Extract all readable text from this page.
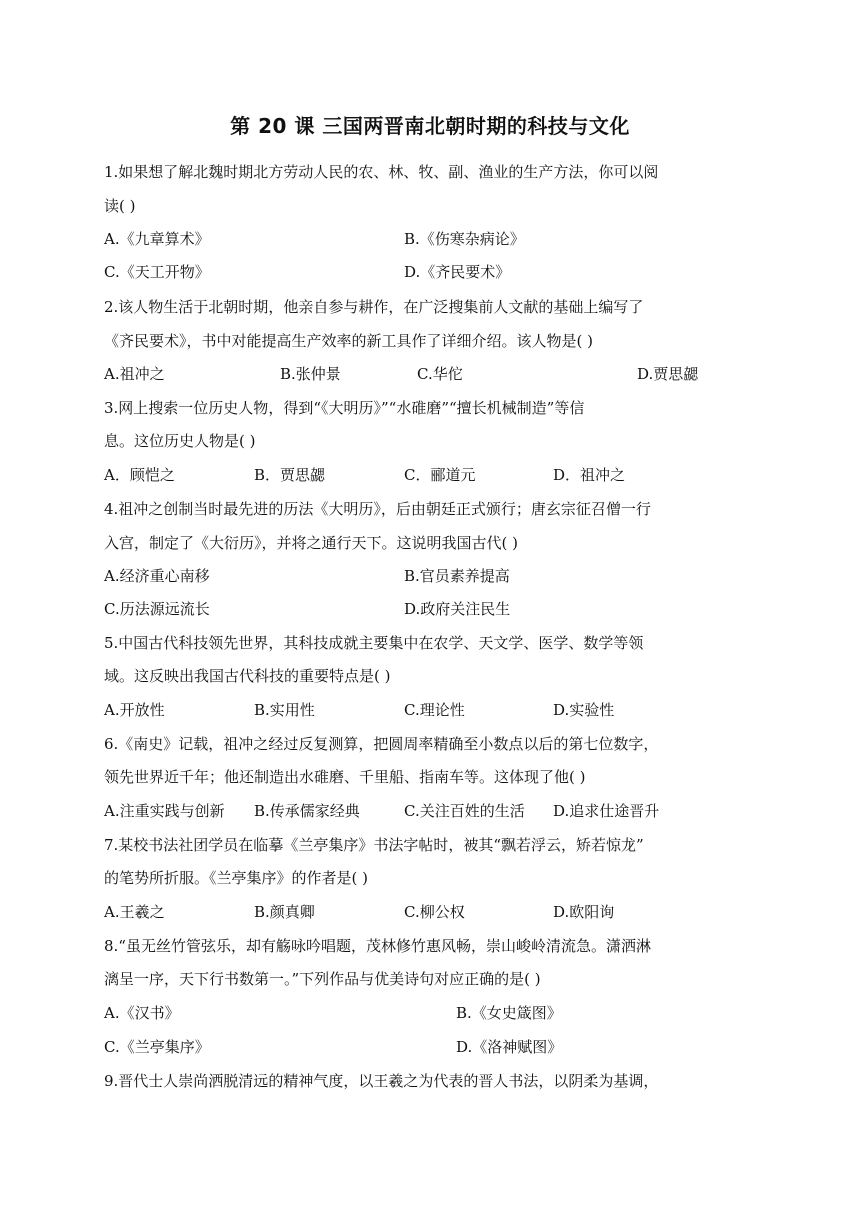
第 20 课 三国两晋南北朝时期的科技与文化
1.如果想了解北魏时期北方劳动人民的农、林、牧、副、渔业的生产方法，你可以阅
读( )
A.《九章算术》	B.《伤寒杂病论》
C.《天工开物》	D.《齐民要术》
2.该人物生活于北朝时期，他亲自参与耕作，在广泛搜集前人文献的基础上编写了
《齐民要术》，书中对能提高生产效率的新工具作了详细介绍。该人物是( )
A.祖冲之	B.张仲景	C.华佗	D.贾思勰
3.网上搜索一位历史人物，得到“《大明历》”“水碓磨”“擅长机械制造”等信
息。这位历史人物是( )
A．顾恺之	B．贾思勰	C．郦道元	D．祖冲之
4.祖冲之创制当时最先进的历法《大明历》，后由朝廷正式颁行；唐玄宗征召僧一行
入宫，制定了《大衍历》，并将之通行天下。这说明我国古代( )
A.经济重心南移	B.官员素养提高
C.历法源远流长	D.政府关注民生
5.中国古代科技领先世界，其科技成就主要集中在农学、天文学、医学、数学等领
域。这反映出我国古代科技的重要特点是( )
A.开放性	B.实用性	C.理论性	D.实验性
6.《南史》记载，祖冲之经过反复测算，把圆周率精确至小数点以后的第七位数字，
领先世界近千年；他还制造出水碓磨、千里船、指南车等。这体现了他( )
A.注重实践与创新 B.传承儒家经典	C.关注百姓的生活 D.追求仕途晋升
7.某校书法社团学员在临摹《兰亭集序》书法字帖时，被其“飘若浮云，矫若惊龙”
的笔势所折服。《兰亭集序》的作者是( )
A.王羲之	B.颜真卿	C.柳公权	D.欧阳询
8.“虽无丝竹管弦乐，却有觞咏吟唱题，茂林修竹惠风畅，崇山峻岭清流急。潇洒淋
漓呈一序，天下行书数第一。”下列作品与优美诗句对应正确的是( )
A.《汉书》	B.《女史箴图》
C.《兰亭集序》	D.《洛神赋图》
9.晋代士人崇尚洒脱清远的精神气度，以王羲之为代表的晋人书法，以阴柔为基调，
